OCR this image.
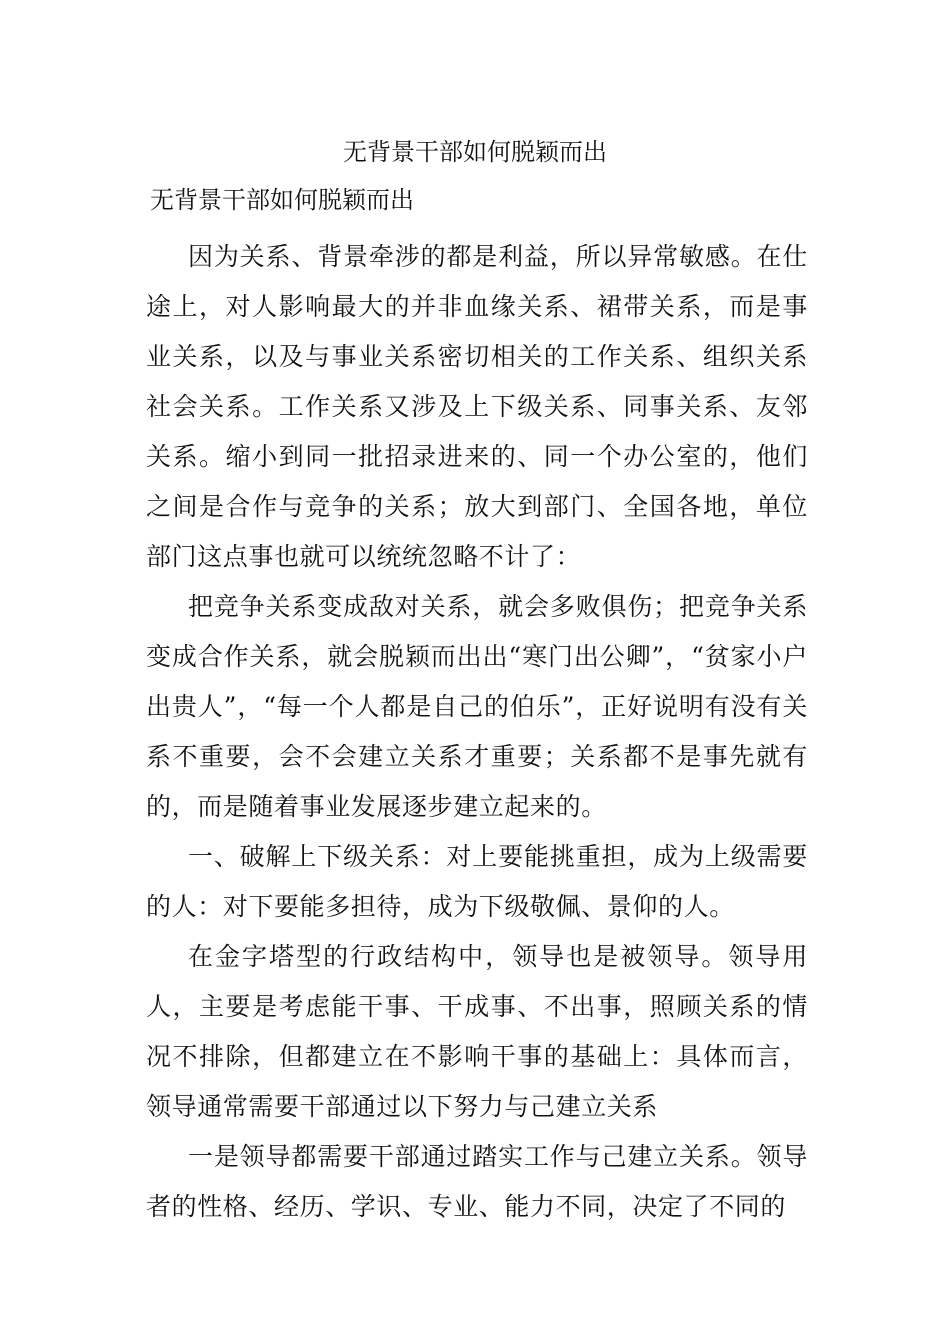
无背景干部如何脱颖而出
无背景干部如何脱颖而出

因为关系、背景牵涉的都是利益，所以异常敏感。在仕途上，对人影响最大的并非血缘关系、裙带关系，而是事业关系，以及与事业关系密切相关的工作关系、组织关系社会关系。工作关系又涉及上下级关系、同事关系、友邻关系。缩小到同一批招录进来的、同一个办公室的，他们之间是合作与竞争的关系；放大到部门、全国各地，单位部门这点事也就可以统统忽略不计了：

把竞争关系变成敌对关系，就会多败俱伤；把竞争关系变成合作关系，就会脱颖而出出“寒门出公卿”，“贫家小户出贵人”，“每一个人都是自己的伯乐”，正好说明有没有关系不重要，会不会建立关系才重要；关系都不是事先就有的，而是随着事业发展逐步建立起来的。

一、破解上下级关系：对上要能挑重担，成为上级需要的人：对下要能多担待，成为下级敬佩、景仰的人。

在金字塔型的行政结构中，领导也是被领导。领导用人，主要是考虑能干事、干成事、不出事，照顾关系的情况不排除，但都建立在不影响干事的基础上：具体而言，领导通常需要干部通过以下努力与己建立关系

一是领导都需要干部通过踏实工作与己建立关系。领导者的性格、经历、学识、专业、能力不同，决定了不同的
